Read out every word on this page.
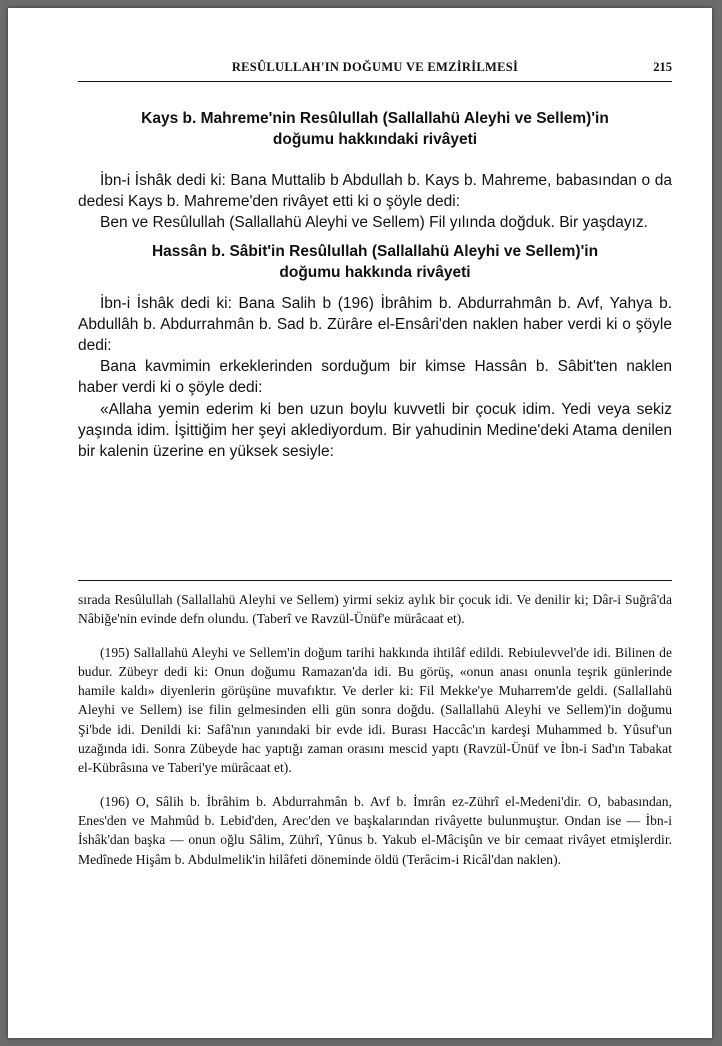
RESÛLULLAH'IN DOĞUMU VE EMZİRİLMESİ	215
Kays b. Mahreme'nin Resûlullah (Sallallahü Aleyhi ve Sellem)'in
doğumu hakkındaki rivâyeti

İbn-i İshâk dedi ki: Bana Muttalib b Abdullah b. Kays b. Mahreme, babasından o da dedesi Kays b. Mahreme'den rivâyet etti ki o şöyle dedi:

Ben ve Resûlullah (Sallallahü Aleyhi ve Sellem) Fil yılında doğduk. Bir yaşdayız.

Hassân b. Sâbit'in Resûlullah (Sallallahü Aleyhi ve Sellem)'in
doğumu hakkında rivâyeti

İbn-i İshâk dedi ki: Bana Salih b (196) İbrâhim b. Abdurrahmân b. Avf, Yahya b. Abdullâh b. Abdurrahmân b. Sad b. Zürâre el-Ensâri'den naklen haber verdi ki o şöyle dedi:

Bana kavmimin erkeklerinden sorduğum bir kimse Hassân b. Sâbit'ten naklen haber verdi ki o şöyle dedi:

«Allaha yemin ederim ki ben uzun boylu kuvvetli bir çocuk idim. Yedi veya sekiz yaşında idim. İşittiğim her şeyi aklediyordum. Bir yahudinin Medine'deki Atama denilen bir kalenin üzerine en yüksek sesiyle:

sırada Resûlullah (Sallallahü Aleyhi ve Sellem) yirmi sekiz aylık bir çocuk idi. Ve denilir ki; Dâr-i Suğrâ'da Nâbiğe'nin evinde defn olundu. (Taberî ve Ravzül-Ünüf'e mürâcaat et).

(195) Sallallahü Aleyhi ve Sellem'in doğum tarihi hakkında ihtilâf edildi. Rebiulevvel'de idi. Bilinen de budur. Zübeyr dedi ki: Onun doğumu Ramazan'da idi. Bu görüş, «onun anası onunla teşrik günlerinde hamile kaldı» diyenlerin görüşüne muvafıktır. Ve derler ki: Fil Mekke'ye Muharrem'de geldi. (Sallallahü Aleyhi ve Sellem) ise filin gelmesinden elli gün sonra doğdu. (Sallallahü Aleyhi ve Sellem)'in doğumu Şi'bde idi. Denildi ki: Safâ'nın yanındaki bir evde idi. Burası Haccâc'ın kardeşi Muhammed b. Yûsuf'un uzağında idi. Sonra Zübeyde hac yaptığı zaman orasını mescid yaptı (Ravzül-Ünüf ve İbn-i Sad'ın Tabakat el-Kübrâsına ve Taberi'ye mürâcaat et).

(196) O, Sâlih b. İbrâhim b. Abdurrahmân b. Avf b. İmrân ez-Zührî el-Medeni'dir. O, babasından, Enes'den ve Mahmûd b. Lebid'den, Arec'den ve başkalarından rivâyette bulunmuştur. Ondan ise — İbn-i İshâk'dan başka — onun oğlu Sâlim, Zührî, Yûnus b. Yakub el-Mâcişûn ve bir cemaat rivâyet etmişlerdir. Medînede Hişâm b. Abdulmelik'in hilâfeti döneminde öldü (Terâcim-i Ricâl'dan naklen).
